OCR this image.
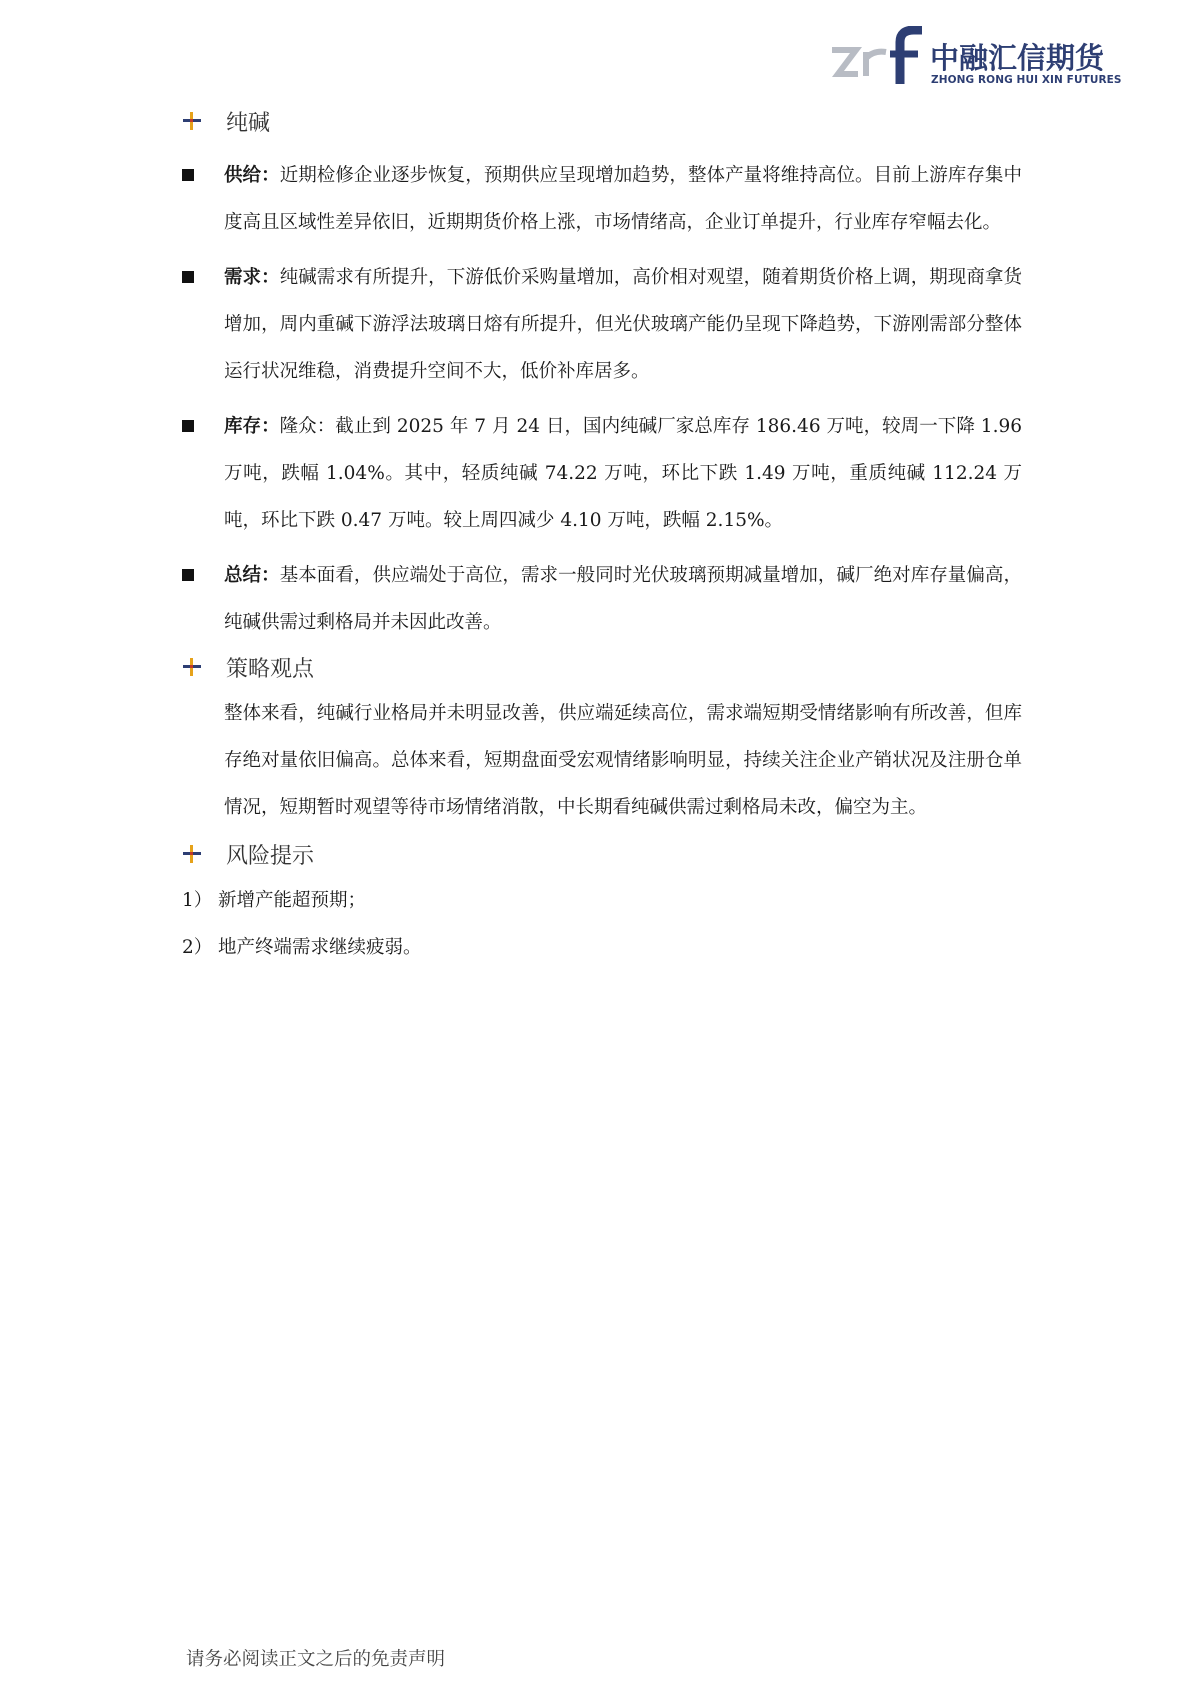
中融汇信期货
ZHONG RONG HUI XIN FUTURES
纯碱
供给：近期检修企业逐步恢复，预期供应呈现增加趋势，整体产量将维持高位。目前上游库存集中度高且区域性差异依旧，近期期货价格上涨，市场情绪高，企业订单提升，行业库存窄幅去化。
需求：纯碱需求有所提升，下游低价采购量增加，高价相对观望，随着期货价格上调，期现商拿货增加，周内重碱下游浮法玻璃日熔有所提升，但光伏玻璃产能仍呈现下降趋势，下游刚需部分整体运行状况维稳，消费提升空间不大，低价补库居多。
库存：隆众：截止到 2025 年 7 月 24 日，国内纯碱厂家总库存 186.46 万吨，较周一下降 1.96 万吨，跌幅 1.04%。其中，轻质纯碱 74.22 万吨，环比下跌 1.49 万吨，重质纯碱 112.24 万吨，环比下跌 0.47 万吨。较上周四减少 4.10 万吨，跌幅 2.15%。
总结：基本面看，供应端处于高位，需求一般同时光伏玻璃预期减量增加，碱厂绝对库存量偏高，纯碱供需过剩格局并未因此改善。
策略观点
整体来看，纯碱行业格局并未明显改善，供应端延续高位，需求端短期受情绪影响有所改善，但库存绝对量依旧偏高。总体来看，短期盘面受宏观情绪影响明显，持续关注企业产销状况及注册仓单情况，短期暂时观望等待市场情绪消散，中长期看纯碱供需过剩格局未改，偏空为主。
风险提示
1） 新增产能超预期；
2） 地产终端需求继续疲弱。
请务必阅读正文之后的免责声明
